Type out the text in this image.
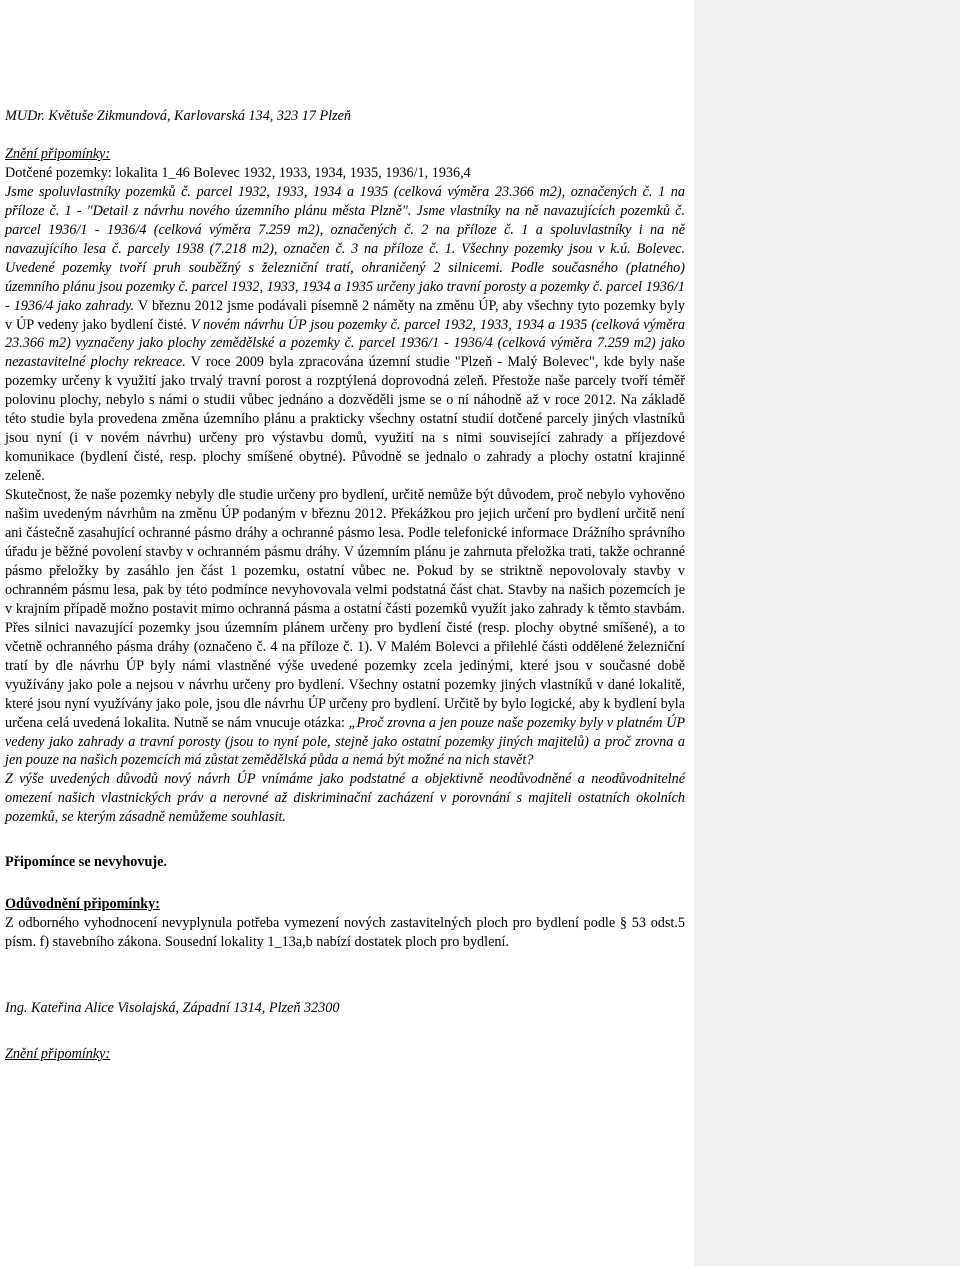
MUDr. Květuše Zikmundová, Karlovarská 134, 323 17 Plzeň

Znění připomínky:

Dotčené pozemky: lokalita 1_46 Bolevec 1932, 1933, 1934, 1935, 1936/1, 1936,4

Jsme spoluvlastníky pozemků č. parcel 1932, 1933, 1934 a 1935 (celková výměra 23.366 m2), označených č. 1 na příloze č. 1 - "Detail z návrhu nového územního plánu města Plzně". Jsme vlastníky na ně navazujících pozemků č. parcel 1936/1 - 1936/4 (celková výměra 7.259 m2), označených č. 2 na příloze č. 1 a spoluvlastníky i na ně navazujícího lesa č. parcely 1938 (7.218 m2), označen č. 3 na příloze č. 1. Všechny pozemky jsou v k.ú. Bolevec. Uvedené pozemky tvoří pruh souběžný s železniční tratí, ohraničený 2 silnicemi. Podle současného (platného) územního plánu jsou pozemky č. parcel 1932, 1933, 1934 a 1935 určeny jako travní porosty a pozemky č. parcel 1936/1 - 1936/4 jako zahrady. V březnu 2012 jsme podávali písemně 2 náměty na změnu ÚP, aby všechny tyto pozemky byly v ÚP vedeny jako bydlení čisté. V novém návrhu ÚP jsou pozemky č. parcel 1932, 1933, 1934 a 1935 (celková výměra 23.366 m2) vyznačeny jako plochy zemědělské a pozemky č. parcel 1936/1 - 1936/4 (celková výměra 7.259 m2) jako nezastavitelné plochy rekreace. V roce 2009 byla zpracována územní studie "Plzeň - Malý Bolevec", kde byly naše pozemky určeny k využití jako trvalý travní porost a rozptýlená doprovodná zeleň. Přestože naše parcely tvoří téměř polovinu plochy, nebylo s námi o studii vůbec jednáno a dozvěděli jsme se o ní náhodně až v roce 2012. Na základě této studie byla provedena změna územního plánu a prakticky všechny ostatní studií dotčené parcely jiných vlastníků jsou nyní (i v novém návrhu) určeny pro výstavbu domů, využití na s nimi související zahrady a příjezdové komunikace (bydlení čisté, resp. plochy smíšené obytné). Původně se jednalo o zahrady a plochy ostatní krajinné zeleně.

Skutečnost, že naše pozemky nebyly dle studie určeny pro bydlení, určitě nemůže být důvodem, proč nebylo vyhověno našim uvedeným návrhům na změnu ÚP podaným v březnu 2012. Překážkou pro jejich určení pro bydlení určitě není ani částečně zasahující ochranné pásmo dráhy a ochranné pásmo lesa. Podle telefonické informace Drážního správního úřadu je běžné povolení stavby v ochranném pásmu dráhy. V územním plánu je zahrnuta přeložka trati, takže ochranné pásmo přeložky by zasáhlo jen část 1 pozemku, ostatní vůbec ne. Pokud by se striktně nepovolovaly stavby v ochranném pásmu lesa, pak by této podmínce nevyhovovala velmi podstatná část chat. Stavby na našich pozemcích je v krajním případě možno postavit mimo ochranná pásma a ostatní části pozemků využít jako zahrady k těmto stavbám. Přes silnici navazující pozemky jsou územním plánem určeny pro bydlení čisté (resp. plochy obytné smíšené), a to včetně ochranného pásma dráhy (označeno č. 4 na příloze č. 1). V Malém Bolevci a přilehlé části oddělené železniční tratí by dle návrhu ÚP byly námi vlastněné výše uvedené pozemky zcela jedinými, které jsou v současné době využívány jako pole a nejsou v návrhu určeny pro bydlení. Všechny ostatní pozemky jiných vlastníků v dané lokalitě, které jsou nyní využívány jako pole, jsou dle návrhu ÚP určeny pro bydlení. Určitě by bylo logické, aby k bydlení byla určena celá uvedená lokalita. Nutně se nám vnucuje otázka: „Proč zrovna a jen pouze naše pozemky byly v platném ÚP vedeny jako zahrady a travní porosty (jsou to nyní pole, stejně jako ostatní pozemky jiných majitelů) a proč zrovna a jen pouze na našich pozemcích má zůstat zemědělská půda a nemá být možné na nich stavět?

Z výše uvedených důvodů nový návrh ÚP vnímáme jako podstatné a objektivně neodůvodněné a neodůvodnitelné omezení našich vlastnických práv a nerovné až diskriminační zacházení v porovnání s majiteli ostatních okolních pozemků, se kterým zásadně nemůžeme souhlasit.

Připomínce se nevyhovuje.

Odůvodnění připomínky:

Z odborného vyhodnocení nevyplynula potřeba vymezení nových zastavitelných ploch pro bydlení podle § 53 odst.5 písm. f) stavebního zákona. Sousední lokality 1_13a,b nabízí dostatek ploch pro bydlení.

Ing. Kateřina Alice Visolajská, Západní 1314, Plzeň 32300

Znění připomínky:
